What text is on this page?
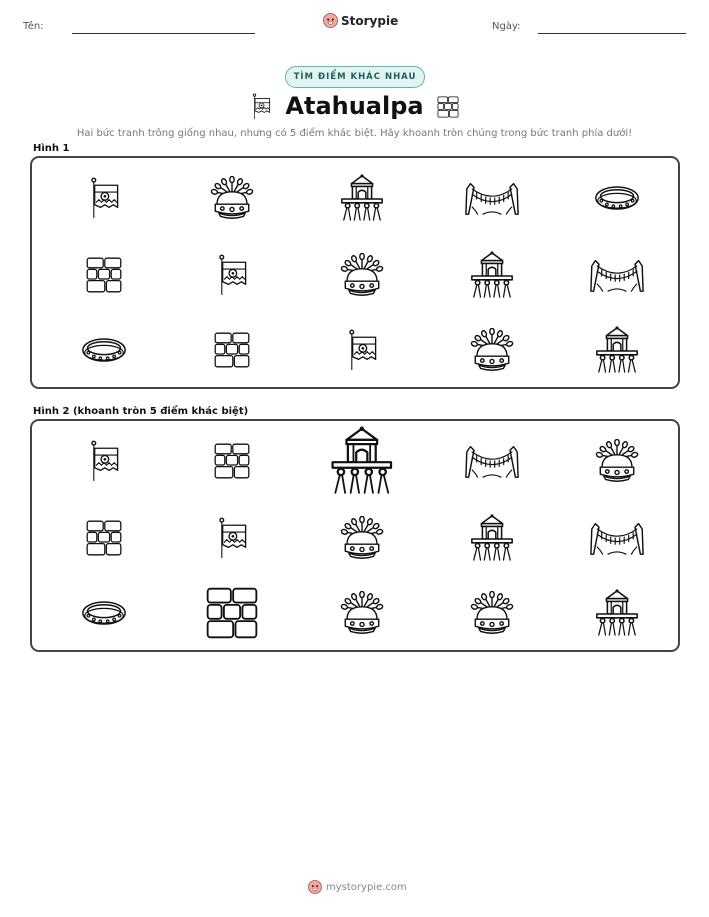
Tên:	Storypie	Ngày:
TÌM ĐIỂM KHÁC NHAU
Atahualpa
Hai bức tranh trông giống nhau, nhưng có 5 điểm khác biệt. Hãy khoanh tròn chúng trong bức tranh phía dưới!
Hình 1
Hình 2 (khoanh tròn 5 điểm khác biệt)
mystorypie.com
